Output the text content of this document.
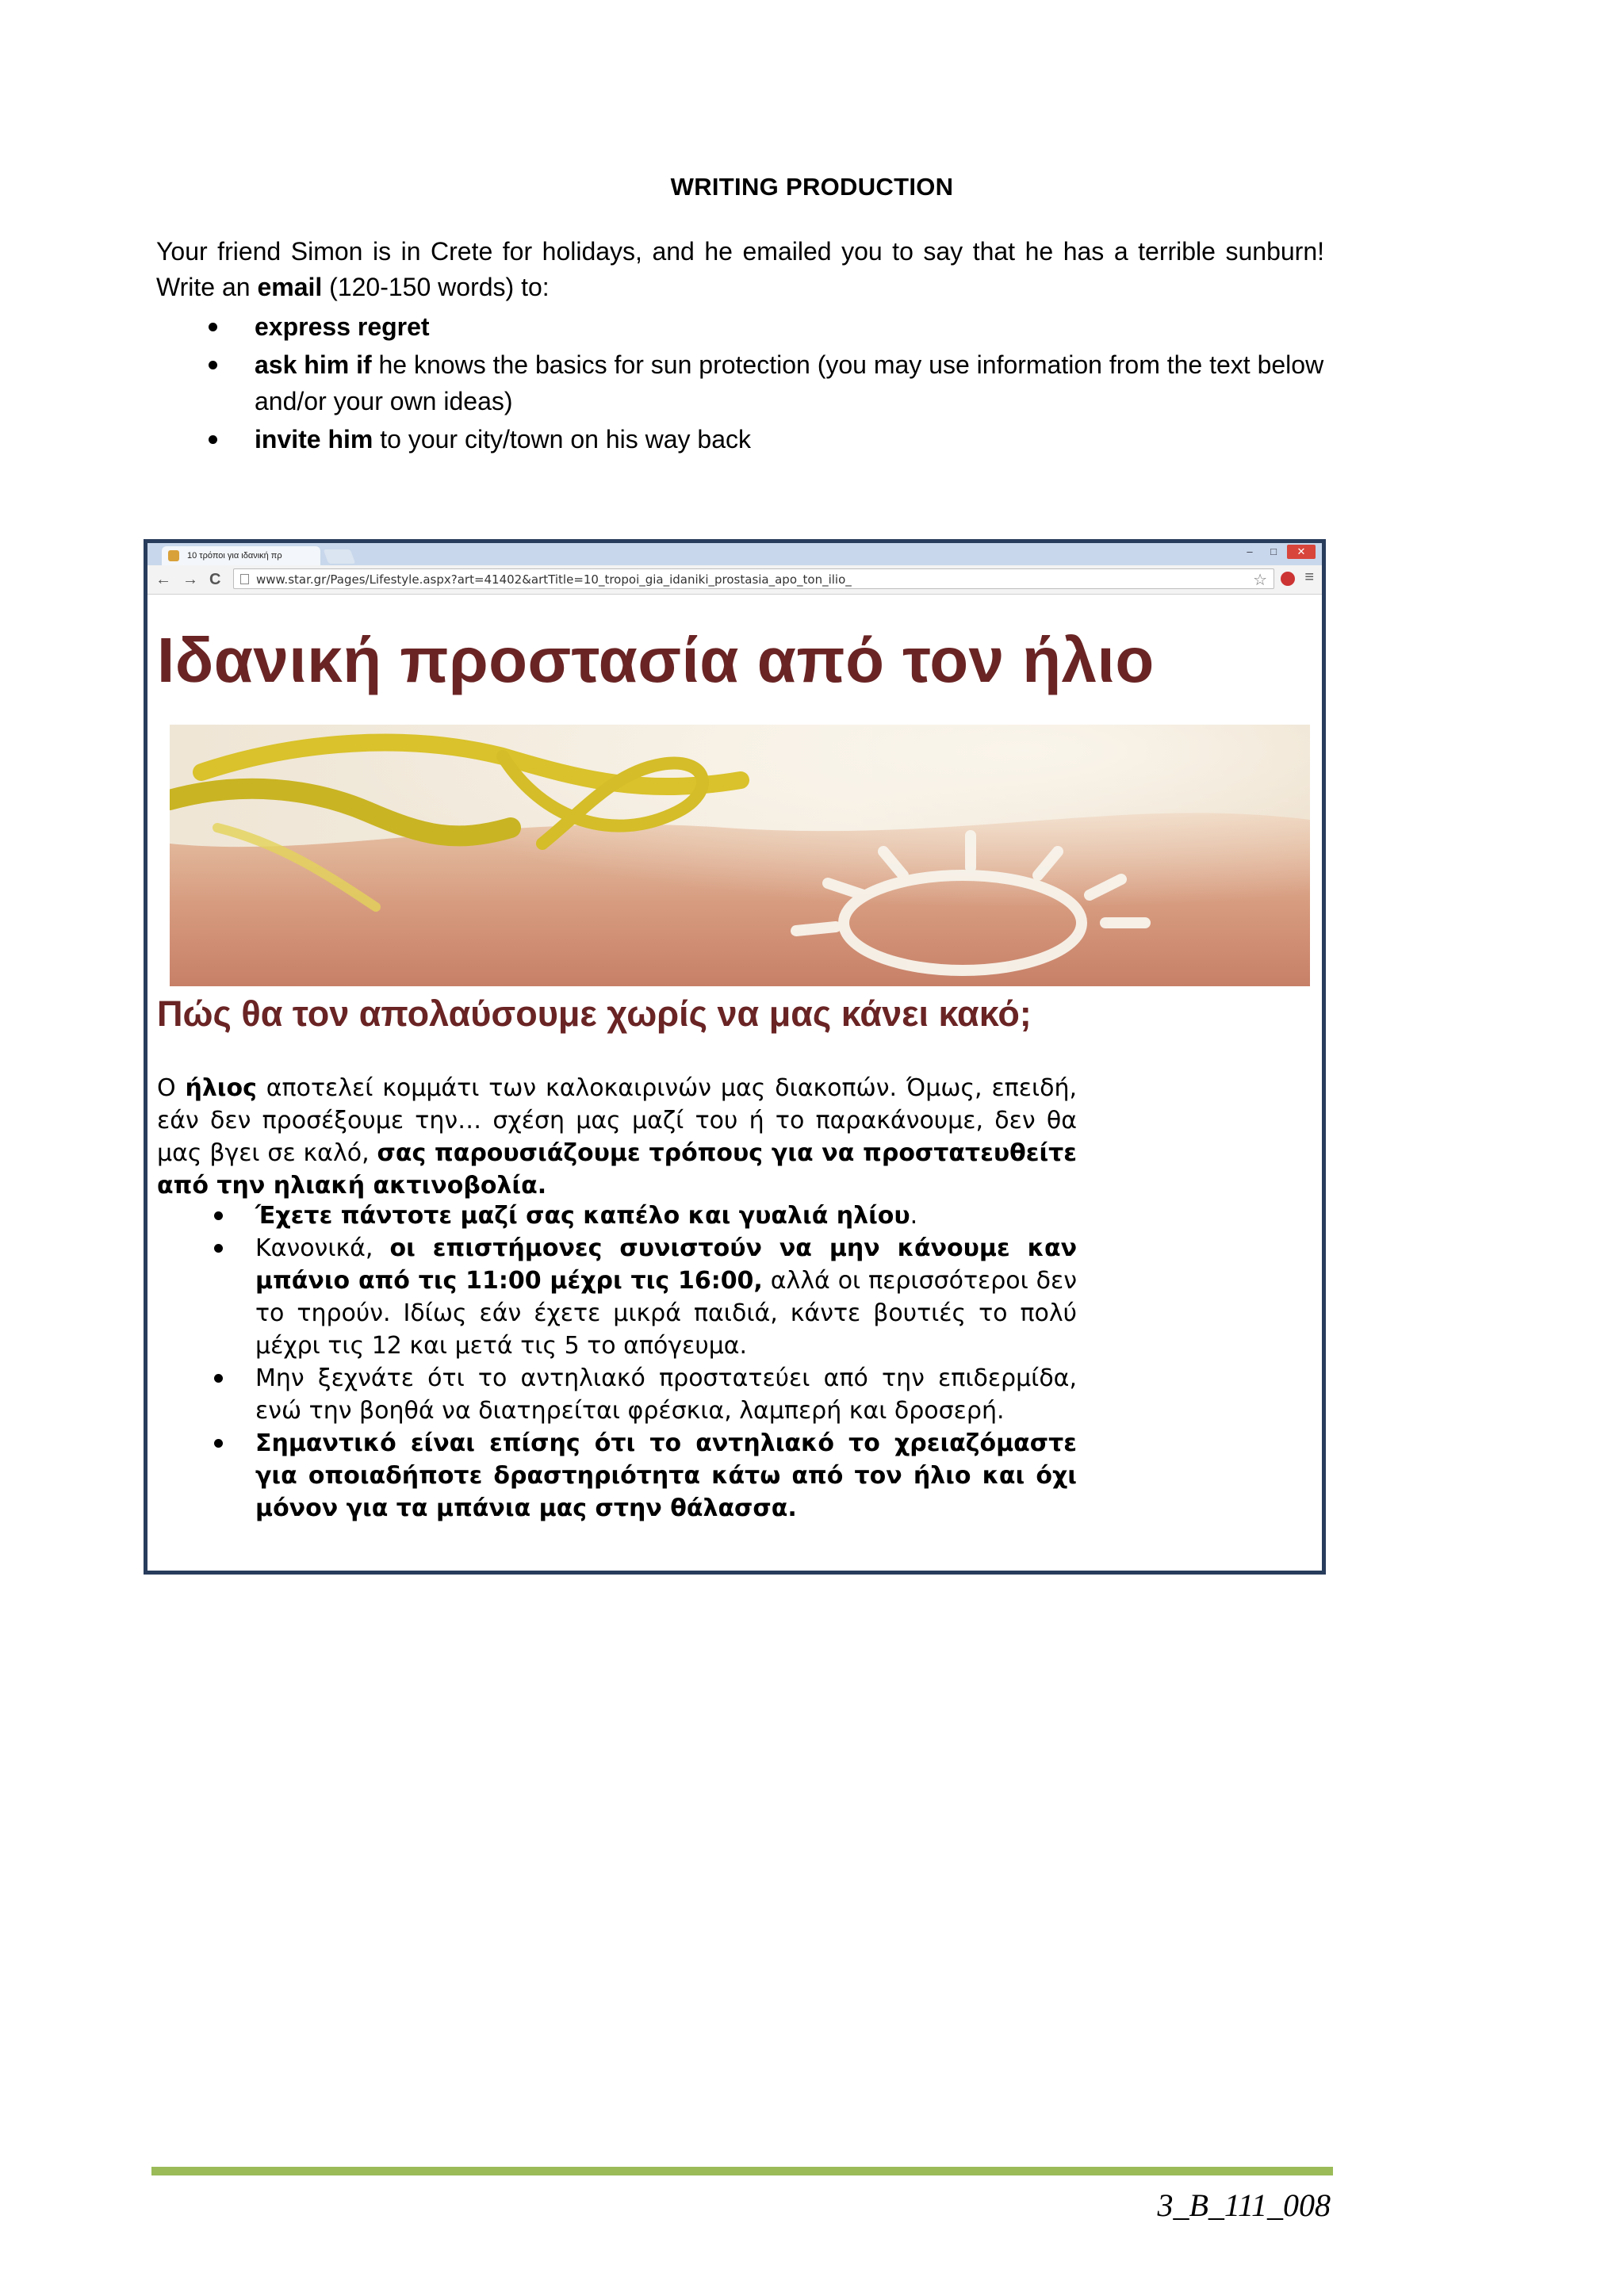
WRITING PRODUCTION

Your friend Simon is in Crete for holidays, and he emailed you to say that he has a terrible sunburn! Write an email (120-150 words) to:

express regret
ask him if he knows the basics for sun protection (you may use information from the text below and/or your own ideas)
invite him to your city/town on his way back
10 τρόποι για ιδανική πρ	–	□	✕
← → C	www.star.gr/Pages/Lifestyle.aspx?art=41402&artTitle=10_tropoi_gia_idaniki_prostasia_apo_ton_ilio_	☆ ≡
Ιδανική προστασία από τον ήλιο
Πώς θα τον απολαύσουμε χωρίς να μας κάνει κακό;

Ο ήλιος αποτελεί κομμάτι των καλοκαιρινών μας διακοπών. Όμως, επειδή, εάν δεν προσέξουμε την… σχέση μας μαζί του ή το παρακάνουμε, δεν θα μας βγει σε καλό, σας παρουσιάζουμε τρόπους για να προστατευθείτε από την ηλιακή ακτινοβολία.

Έχετε πάντοτε μαζί σας καπέλο και γυαλιά ηλίου.
Κανονικά, οι επιστήμονες συνιστούν να μην κάνουμε καν μπάνιο από τις 11:00 μέχρι τις 16:00, αλλά οι περισσότεροι δεν το τηρούν. Ιδίως εάν έχετε μικρά παιδιά, κάντε βουτιές το πολύ μέχρι τις 12 και μετά τις 5 το απόγευμα.
Μην ξεχνάτε ότι το αντηλιακό προστατεύει από την επιδερμίδα, ενώ την βοηθά να διατηρείται φρέσκια, λαμπερή και δροσερή.
Σημαντικό είναι επίσης ότι το αντηλιακό το χρειαζόμαστε για οποιαδήποτε δραστηριότητα κάτω από τον ήλιο και όχι μόνον για τα μπάνια μας στην θάλασσα.
3_B_111_008
